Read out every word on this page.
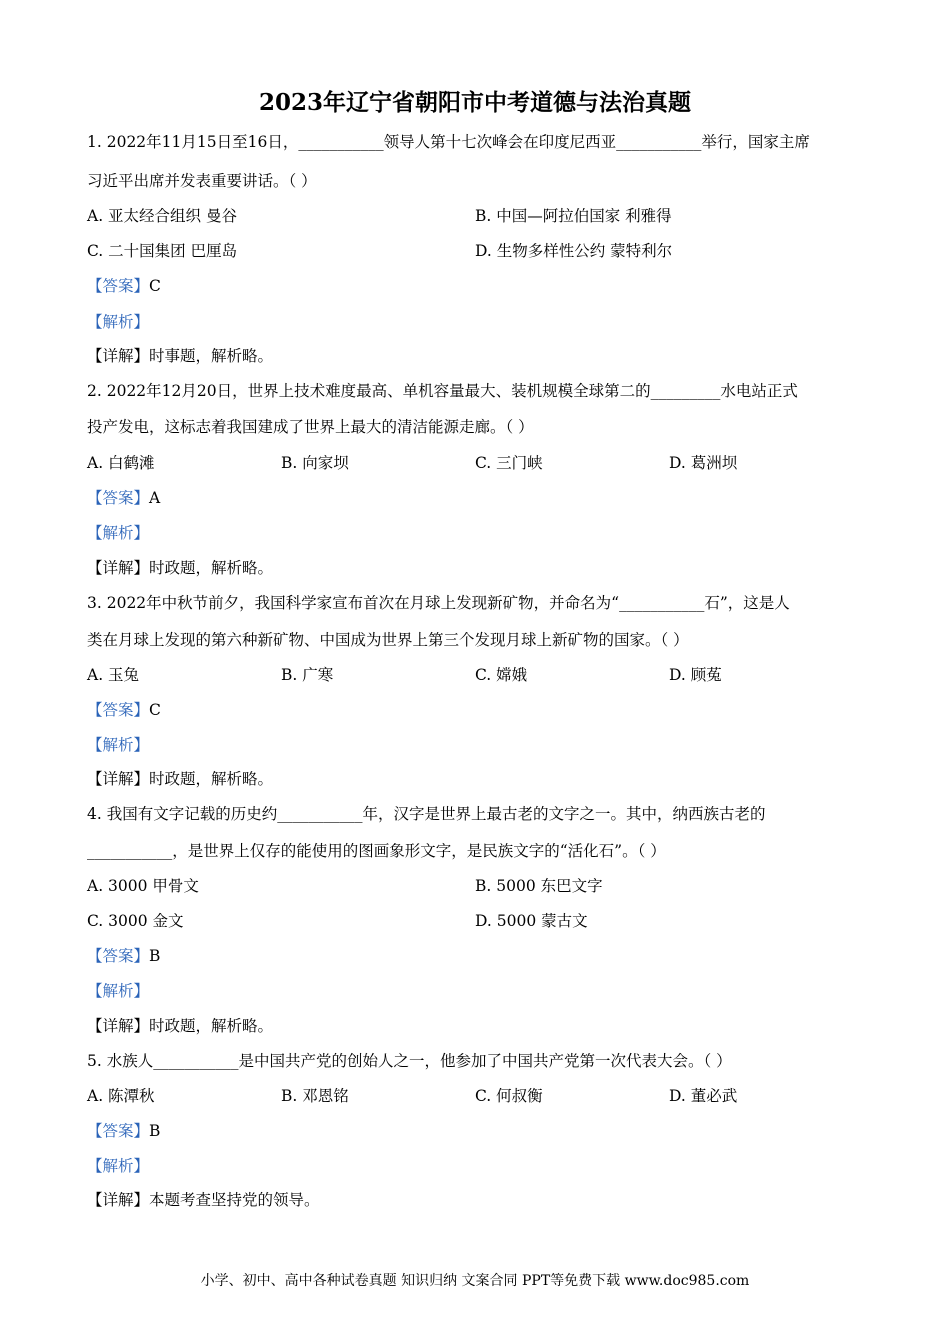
2023年辽宁省朝阳市中考道德与法治真题
1. 2022年11月15日至16日，___________领导人第十七次峰会在印度尼西亚___________举行，国家主席
习近平出席并发表重要讲话。（ ）
A. 亚太经合组织 曼谷	B. 中国—阿拉伯国家 利雅得
C. 二十国集团 巴厘岛	D. 生物多样性公约 蒙特利尔
【答案】C
【解析】
【详解】时事题，解析略。
2. 2022年12月20日，世界上技术难度最高、单机容量最大、装机规模全球第二的_________水电站正式
投产发电，这标志着我国建成了世界上最大的清洁能源走廊。（ ）
A. 白鹤滩	B. 向家坝	C. 三门峡	D. 葛洲坝
【答案】A
【解析】
【详解】时政题，解析略。
3. 2022年中秋节前夕，我国科学家宣布首次在月球上发现新矿物，并命名为“___________石”，这是人
类在月球上发现的第六种新矿物、中国成为世界上第三个发现月球上新矿物的国家。（ ）
A. 玉兔	B. 广寒	C. 嫦娥	D. 顾菟
【答案】C
【解析】
【详解】时政题，解析略。
4. 我国有文字记载的历史约___________年，汉字是世界上最古老的文字之一。其中，纳西族古老的
___________，是世界上仅存的能使用的图画象形文字，是民族文字的“活化石”。（ ）
A. 3000 甲骨文	B. 5000 东巴文字
C. 3000 金文	D. 5000 蒙古文
【答案】B
【解析】
【详解】时政题，解析略。
5. 水族人___________是中国共产党的创始人之一，他参加了中国共产党第一次代表大会。（ ）
A. 陈潭秋	B. 邓恩铭	C. 何叔衡	D. 董必武
【答案】B
【解析】
【详解】本题考查坚持党的领导。
小学、初中、高中各种试卷真题 知识归纳 文案合同 PPT等免费下载 www.doc985.com
